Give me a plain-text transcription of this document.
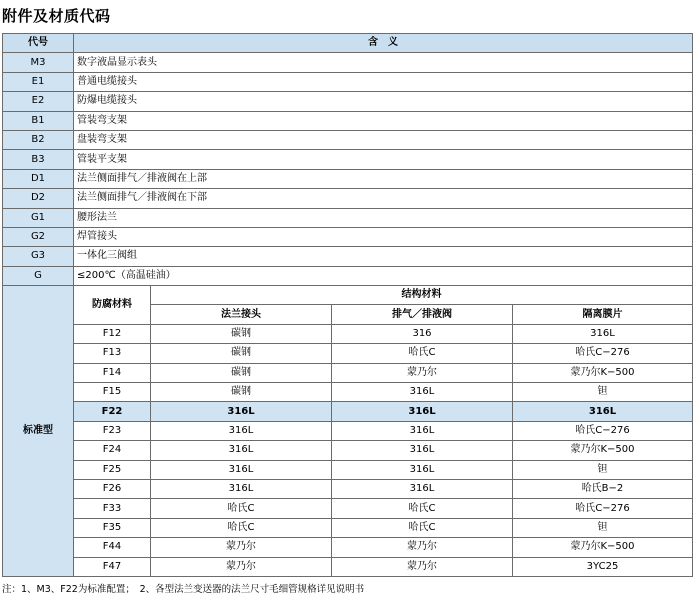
附件及材质代码
代号	含　义			
M3	数字液晶显示表头			
E1	普通电缆接头			
E2	防爆电缆接头			
B1	管装弯支架			
B2	盘装弯支架			
B3	管装平支架			
D1	法兰侧面排气／排液阀在上部			
D2	法兰侧面排气／排液阀在下部			
G1	腰形法兰			
G2	焊管接头			
G3	一体化三阀组			
G	≤200℃（高温硅油）			
标准型	防腐材料	结构材料		
		法兰接头	排气／排液阀	隔离膜片
	F12	碳钢	316	316L
	F13	碳钢	哈氏C	哈氏C−276
	F14	碳钢	蒙乃尔	蒙乃尔K−500
	F15	碳钢	316L	钽
	F22	316L	316L	316L
	F23	316L	316L	哈氏C−276
	F24	316L	316L	蒙乃尔K−500
	F25	316L	316L	钽
	F26	316L	316L	哈氏B−2
	F33	哈氏C	哈氏C	哈氏C−276
	F35	哈氏C	哈氏C	钽
	F44	蒙乃尔	蒙乃尔	蒙乃尔K−500
	F47	蒙乃尔	蒙乃尔	3YC25
注：1、M3、F22为标准配置；　2、各型法兰变送器的法兰尺寸毛细管规格详见说明书
